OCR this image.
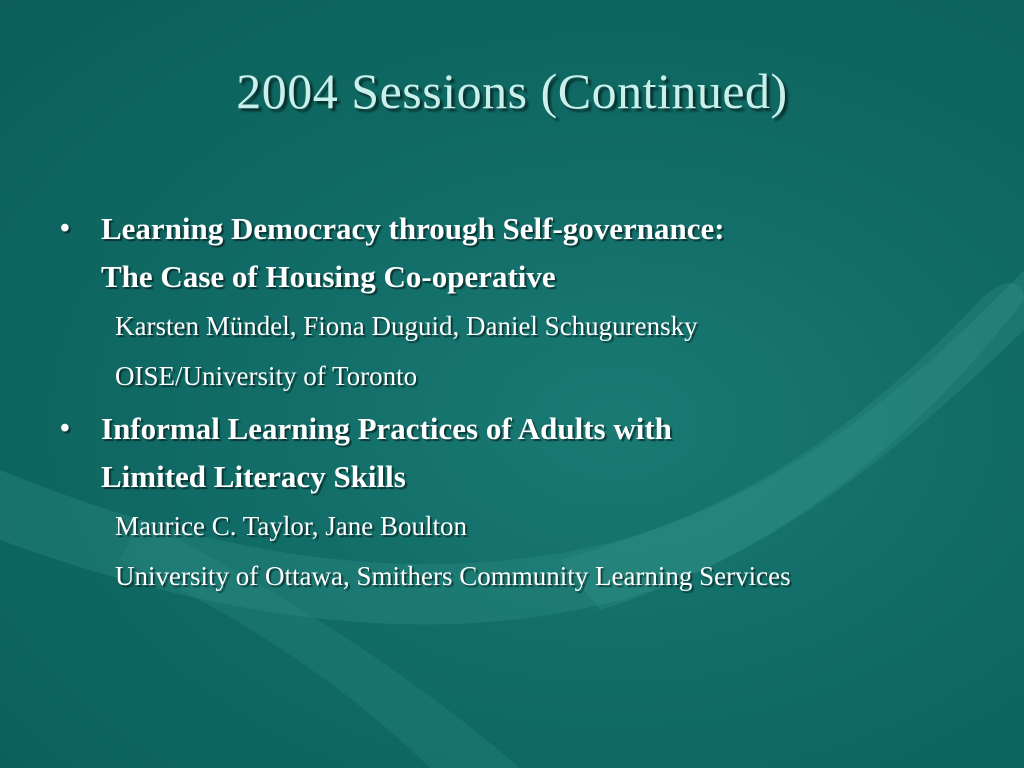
2004 Sessions (Continued)
•	Learning Democracy through Self-governance:
The Case of Housing Co-operative
Karsten Mündel, Fiona Duguid, Daniel Schugurensky
OISE/University of Toronto
•	Informal Learning Practices of Adults with
Limited Literacy Skills
Maurice C. Taylor, Jane Boulton
University of Ottawa, Smithers Community Learning Services
